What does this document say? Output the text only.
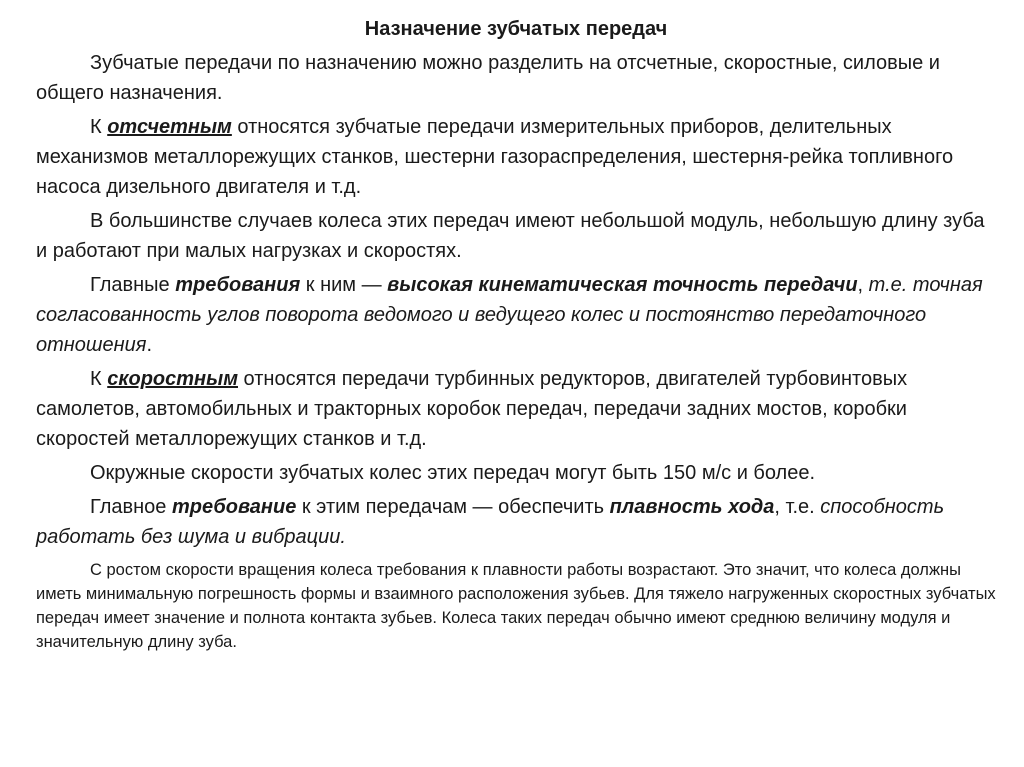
Назначение зубчатых передач

Зубчатые передачи по назначению можно разделить на отсчетные, скоростные, силовые и общего назначения.

К отсчетным относятся зубчатые передачи измерительных приборов, делительных механизмов металлорежущих станков, шестерни газораспределения, шестерня-рейка топливного насоса дизельного двигателя и т.д.

В большинстве случаев колеса этих передач имеют небольшой модуль, небольшую длину зуба и работают при малых нагрузках и скоростях.

Главные требования к ним — высокая кинематическая точность передачи, т.е. точная согласованность углов поворота ведомого и ведущего колес и постоянство передаточного отношения.

К скоростным относятся передачи турбинных редукторов, двигателей турбовинтовых самолетов, автомобильных и тракторных коробок передач, передачи задних мостов, коробки скоростей металлорежущих станков и т.д.

Окружные скорости зубчатых колес этих передач могут быть 150 м/с и более.

Главное требование к этим передачам — обеспечить плавность хода, т.е. способность работать без шума и вибрации.

С ростом скорости вращения колеса требования к плавности работы возрастают. Это значит, что колеса должны иметь минимальную погрешность формы и взаимного расположения зубьев. Для тяжело нагруженных скоростных зубчатых передач имеет значение и полнота контакта зубьев. Колеса таких передач обычно имеют среднюю величину модуля и значительную длину зуба.
